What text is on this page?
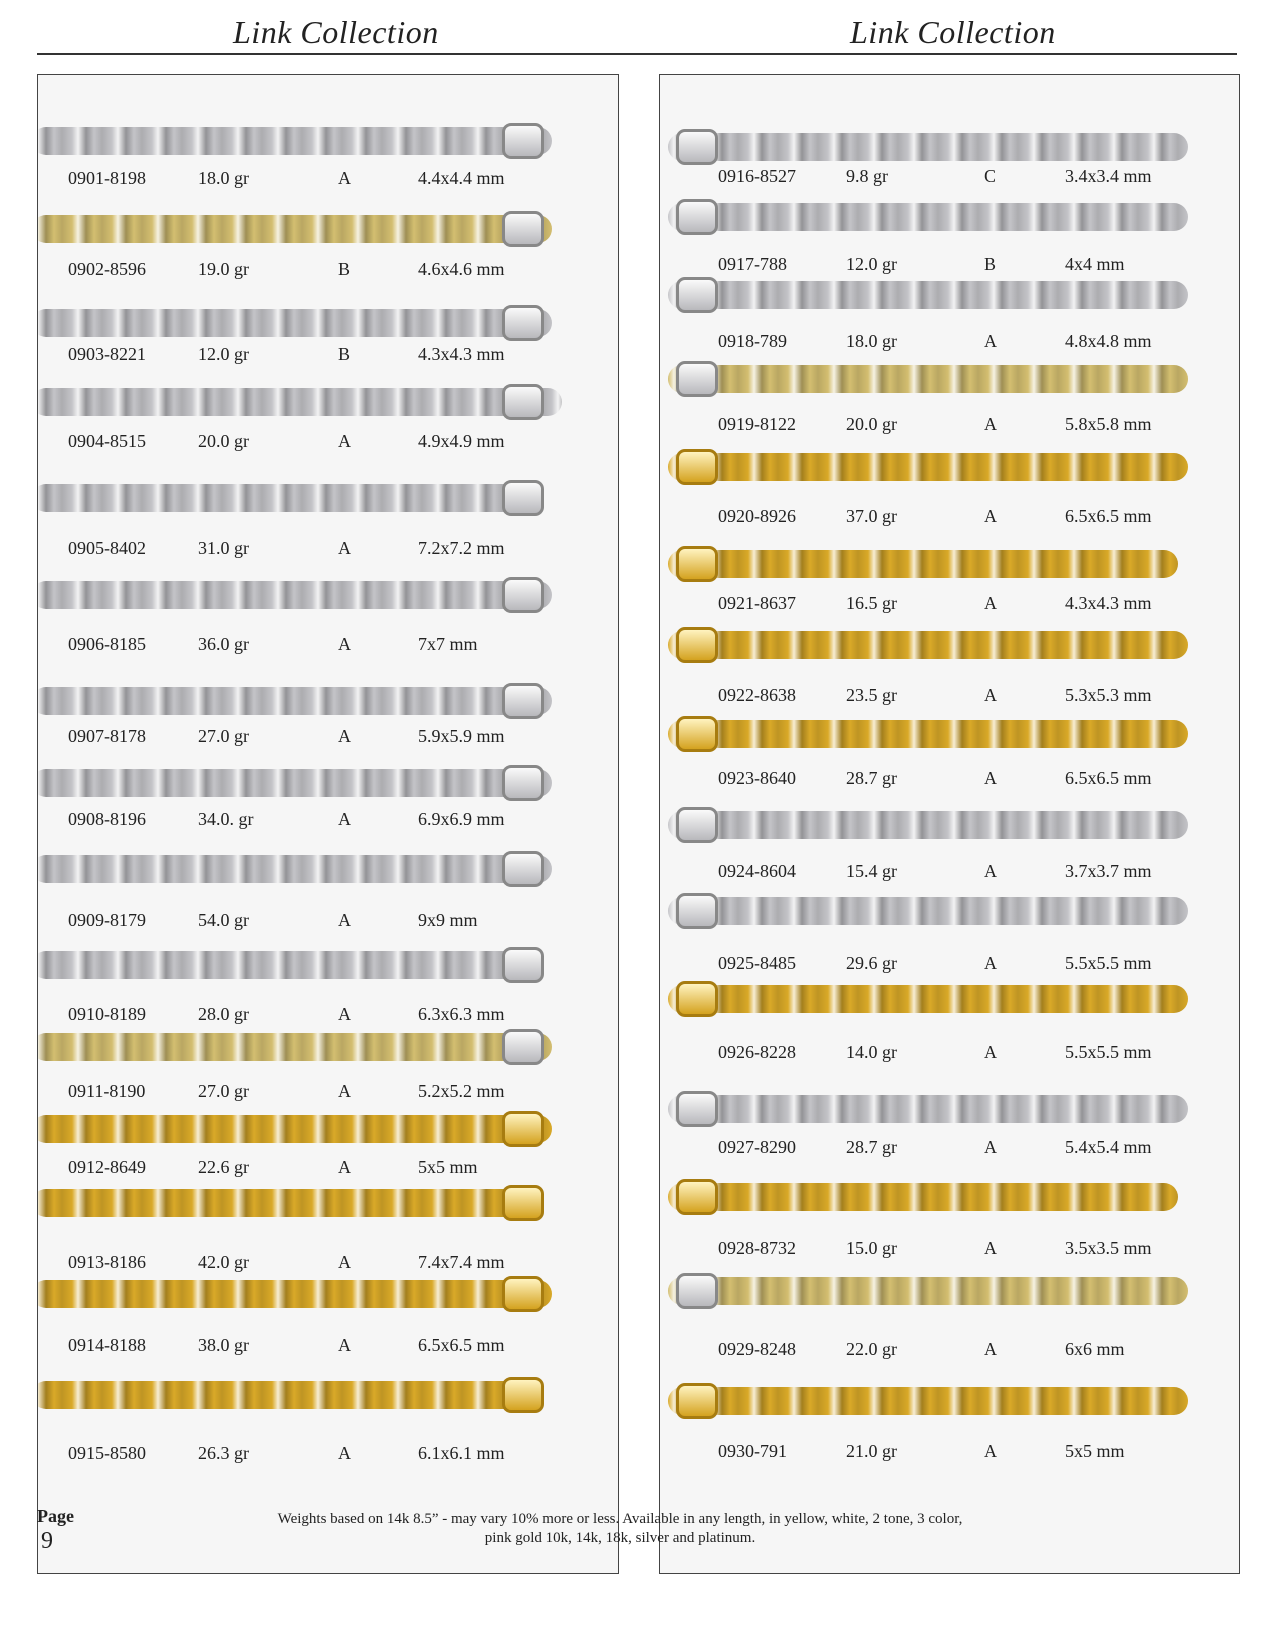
Link Collection	Link Collection
0901-8198	18.0 gr	A	4.4x4.4 mm
0902-8596	19.0 gr	B	4.6x4.6 mm
0903-8221	12.0 gr	B	4.3x4.3 mm
0904-8515	20.0 gr	A	4.9x4.9 mm
0905-8402	31.0 gr	A	7.2x7.2 mm
0906-8185	36.0 gr	A	7x7 mm
0907-8178	27.0 gr	A	5.9x5.9 mm
0908-8196	34.0. gr	A	6.9x6.9 mm
0909-8179	54.0 gr	A	9x9 mm
0910-8189	28.0 gr	A	6.3x6.3 mm
0911-8190	27.0 gr	A	5.2x5.2 mm
0912-8649	22.6 gr	A	5x5 mm
0913-8186	42.0 gr	A	7.4x7.4 mm
0914-8188	38.0 gr	A	6.5x6.5 mm
0915-8580	26.3 gr	A	6.1x6.1 mm
0916-8527	9.8 gr	C	3.4x3.4 mm
0917-788	12.0 gr	B	4x4 mm
0918-789	18.0 gr	A	4.8x4.8 mm
0919-8122	20.0 gr	A	5.8x5.8 mm
0920-8926	37.0 gr	A	6.5x6.5 mm
0921-8637	16.5 gr	A	4.3x4.3 mm
0922-8638	23.5 gr	A	5.3x5.3 mm
0923-8640	28.7 gr	A	6.5x6.5 mm
0924-8604	15.4 gr	A	3.7x3.7 mm
0925-8485	29.6 gr	A	5.5x5.5 mm
0926-8228	14.0 gr	A	5.5x5.5 mm
0927-8290	28.7 gr	A	5.4x5.4 mm
0928-8732	15.0 gr	A	3.5x3.5 mm
0929-8248	22.0 gr	A	6x6 mm
0930-791	21.0 gr	A	5x5 mm
Page
9
Weights based on 14k 8.5” - may vary 10% more or less. Available in any length, in yellow, white, 2 tone, 3 color,
pink gold 10k, 14k, 18k, silver and platinum.
